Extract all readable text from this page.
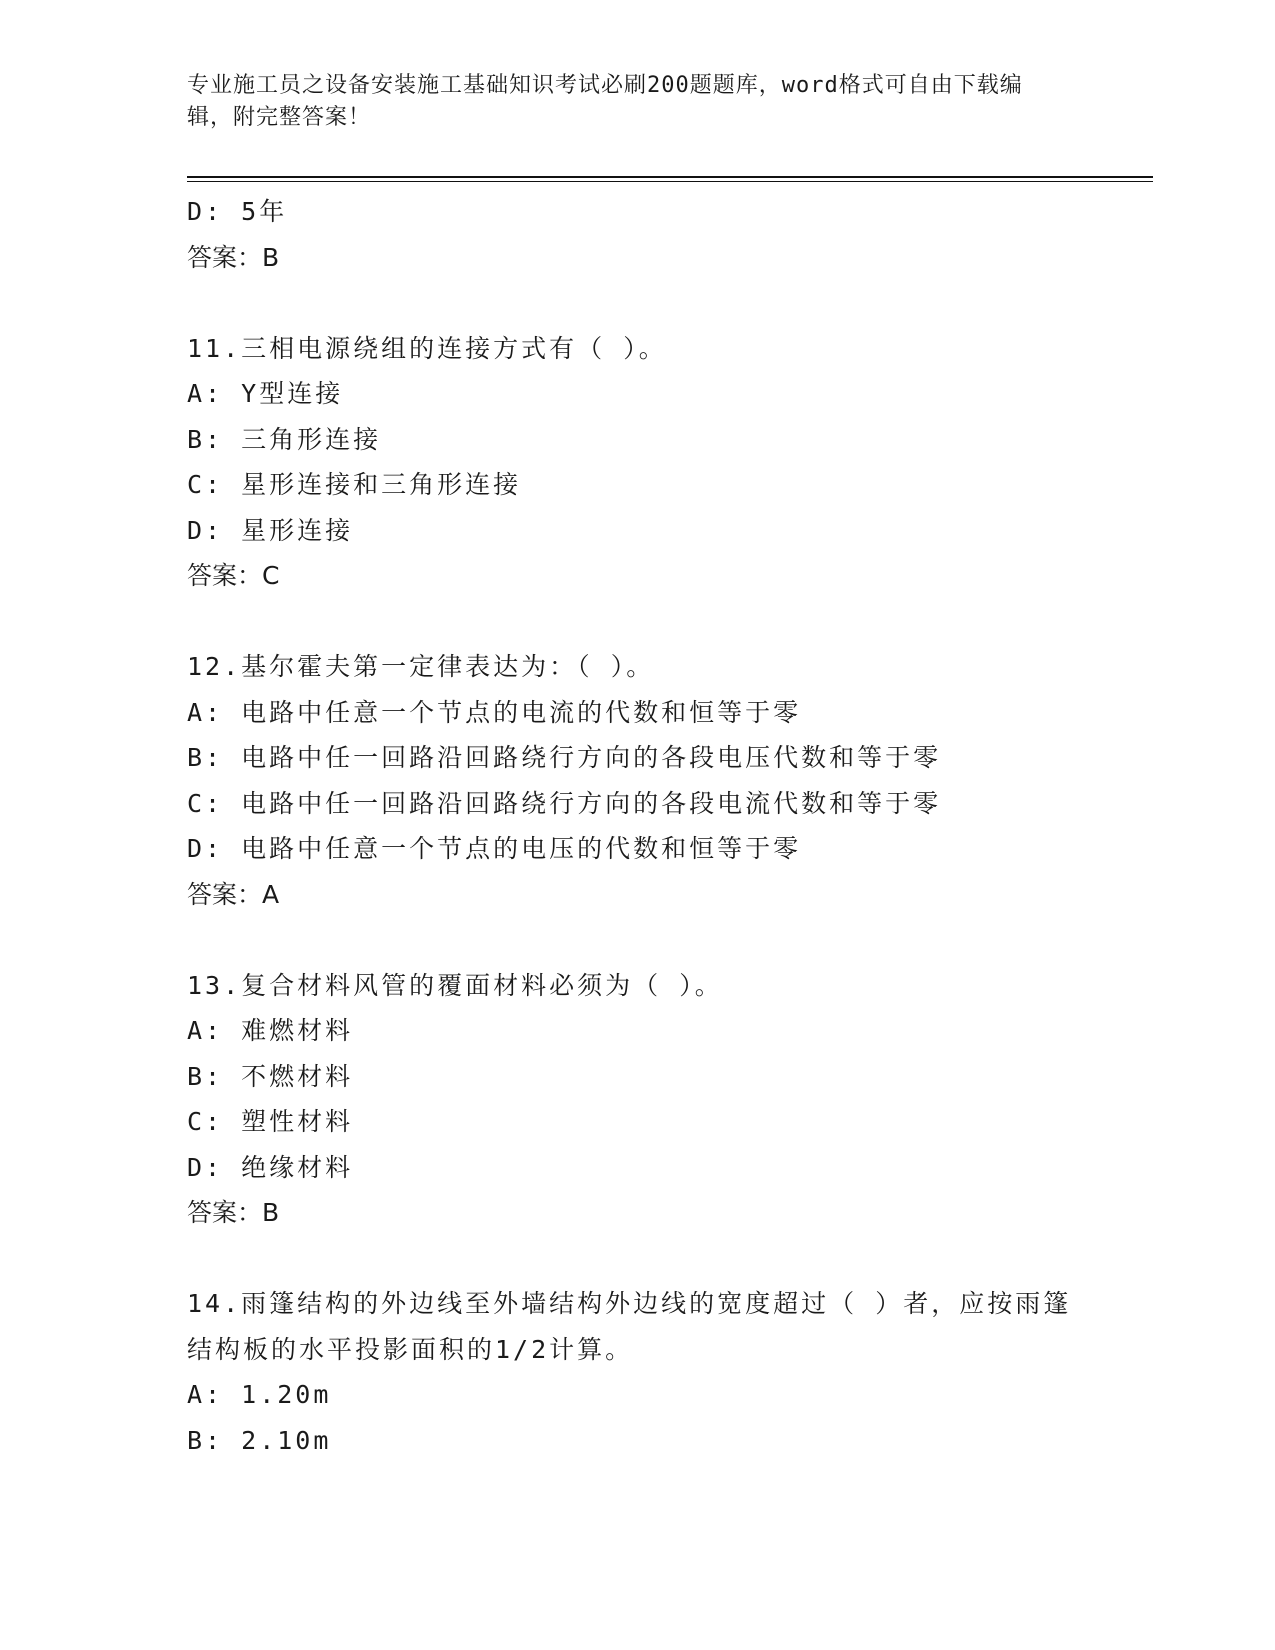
专业施工员之设备安装施工基础知识考试必刷200题题库，word格式可自由下载编辑，附完整答案！
D: 5年
答案：B
11.三相电源绕组的连接方式有（ ）。
A: Y型连接
B: 三角形连接
C: 星形连接和三角形连接
D: 星形连接
答案：C
12.基尔霍夫第一定律表达为：（ ）。
A: 电路中任意一个节点的电流的代数和恒等于零
B: 电路中任一回路沿回路绕行方向的各段电压代数和等于零
C: 电路中任一回路沿回路绕行方向的各段电流代数和等于零
D: 电路中任意一个节点的电压的代数和恒等于零
答案：A
13.复合材料风管的覆面材料必须为（ ）。
A: 难燃材料
B: 不燃材料
C: 塑性材料
D: 绝缘材料
答案：B
14.雨篷结构的外边线至外墙结构外边线的宽度超过（ ）者，应按雨篷结构板的水平投影面积的1/2计算。
A: 1.20m
B: 2.10m
